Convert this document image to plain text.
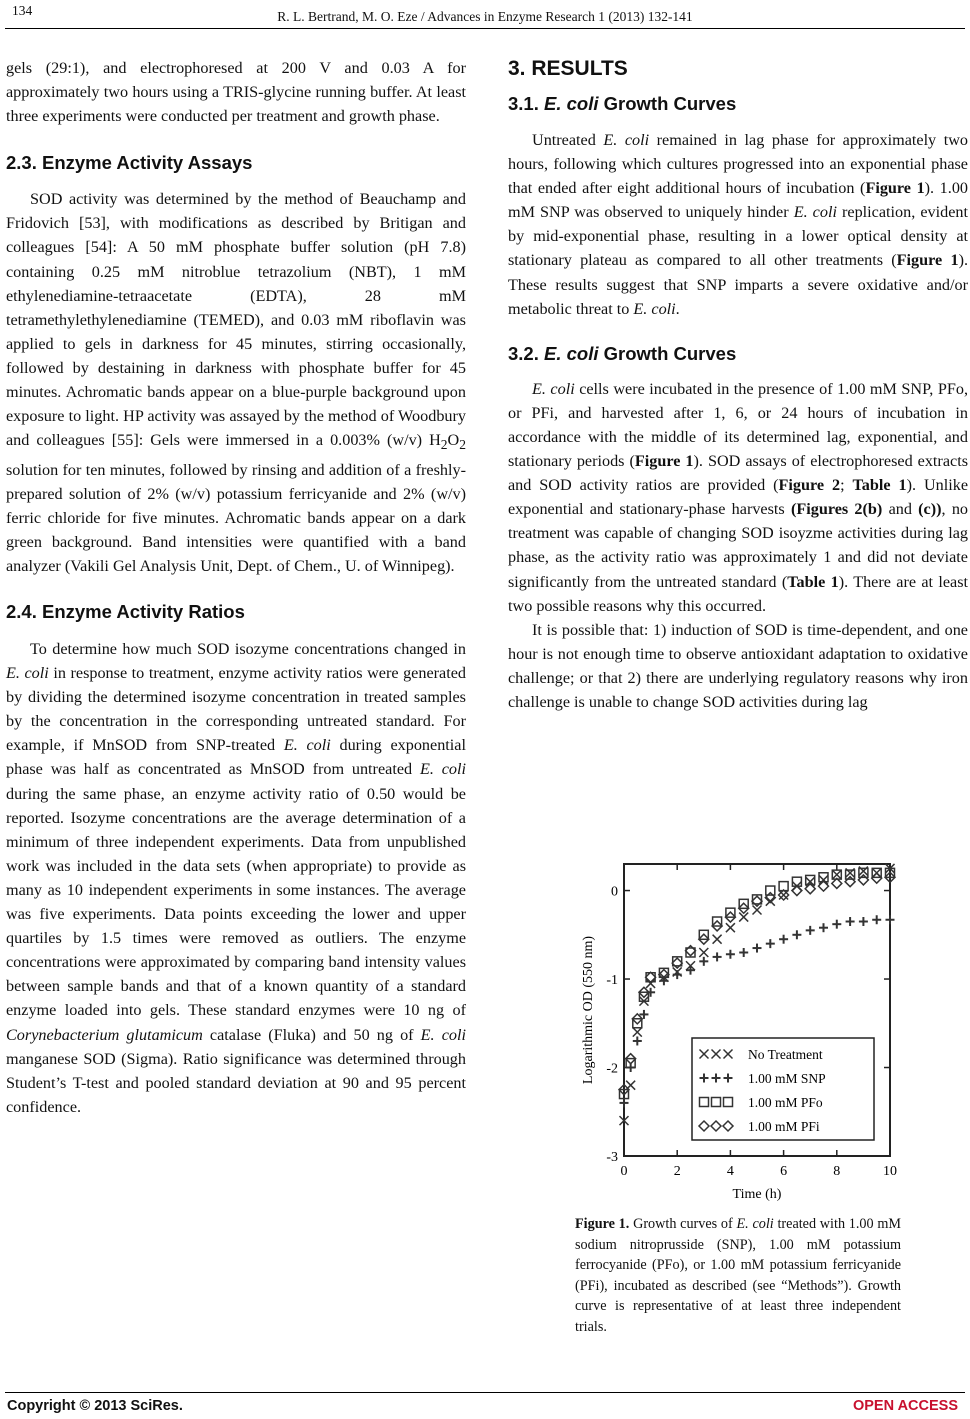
134	R. L. Bertrand, M. O. Eze / Advances in Enzyme Research 1 (2013) 132-141

gels (29:1), and electrophoresed at 200 V and 0.03 A for approximately two hours using a TRIS-glycine running buffer. At least three experiments were conducted per treatment and growth phase.

2.3. Enzyme Activity Assays

SOD activity was determined by the method of Beauchamp and Fridovich [53], with modifications as described by Britigan and colleagues [54]: A 50 mM phosphate buffer solution (pH 7.8) containing 0.25 mM nitroblue tetrazolium (NBT), 1 mM ethylenediamine-tetraacetate (EDTA), 28 mM tetramethylethylenediamine (TEMED), and 0.03 mM riboflavin was applied to gels in darkness for 45 minutes, stirring occasionally, followed by destaining in darkness with phosphate buffer for 45 minutes. Achromatic bands appear on a blue-purple background upon exposure to light. HP activity was assayed by the method of Woodbury and colleagues [55]: Gels were immersed in a 0.003% (w/v) $H_2O_2$ solution for ten minutes, followed by rinsing and addition of a freshly-prepared solution of 2% (w/v) potassium ferricyanide and 2% (w/v) ferric chloride for five minutes. Achromatic bands appear on a dark green background. Band intensities were quantified with a band analyzer (Vakili Gel Analysis Unit, Dept. of Chem., U. of Winnipeg).

2.4. Enzyme Activity Ratios

To determine how much SOD isozyme concentrations changed in E. coli in response to treatment, enzyme activity ratios were generated by dividing the determined isozyme concentration in treated samples by the concentration in the corresponding untreated standard. For example, if MnSOD from SNP-treated E. coli during exponential phase was half as concentrated as MnSOD from untreated E. coli during the same phase, an enzyme activity ratio of 0.50 would be reported. Isozyme concentrations are the average determination of a minimum of three independent experiments. Data from unpublished work was included in the data sets (when appropriate) to provide as many as 10 independent experiments in some instances. The average was five experiments. Data points exceeding the lower and upper quartiles by 1.5 times were removed as outliers. The enzyme concentrations were approximated by comparing band intensity values between sample bands and that of a known quantity of a standard enzyme loaded into gels. These standard enzymes were 10 ng of Corynebacterium glutamicum catalase (Fluka) and 50 ng of E. coli manganese SOD (Sigma). Ratio significance was determined through Student’s T-test and pooled standard deviation at 90 and 95 percent confidence.

3. RESULTS
3.1. E. coli Growth Curves

Untreated E. coli remained in lag phase for approximately two hours, following which cultures progressed into an exponential phase that ended after eight additional hours of incubation (Figure 1). 1.00 mM SNP was observed to uniquely hinder E. coli replication, evident by mid-exponential phase, resulting in a lower optical density at stationary plateau as compared to all other treatments (Figure 1). These results suggest that SNP imparts a severe oxidative and/or metabolic threat to E. coli.

3.2. E. coli Growth Curves

E. coli cells were incubated in the presence of 1.00 mM SNP, PFo, or PFi, and harvested after 1, 6, or 24 hours of incubation in accordance with the middle of its determined lag, exponential, and stationary periods (Figure 1). SOD assays of electrophoresed extracts and SOD activity ratios are provided (Figure 2; Table 1). Unlike exponential and stationary-phase harvests (Figures 2(b) and (c)), no treatment was capable of changing SOD isoyzme activities during lag phase, as the activity ratio was approximately 1 and did not deviate significantly from the untreated standard (Table 1). There are at least two possible reasons why this occurred.

It is possible that: 1) induction of SOD is time-dependent, and one hour is not enough time to observe antioxidant adaptation to oxidative challenge; or that 2) there are underlying regulatory reasons why iron challenge is unable to change SOD activities during lag

0	2	4	6	8	10
0
-1
-2
-3
Time (h)
Logarithmic OD (550 nm)	No Treatment
1.00 mM SNP
1.00 mM PFo
1.00 mM PFi
Figure 1. Growth curves of E. coli treated with 1.00 mM sodium nitroprusside (SNP), 1.00 mM potassium ferrocyanide (PFo), or 1.00 mM potassium ferricyanide (PFi), incubated as described (see “Methods”). Growth curve is representative of at least three independent trials.
Copyright © 2013 SciRes.	OPEN ACCESS
